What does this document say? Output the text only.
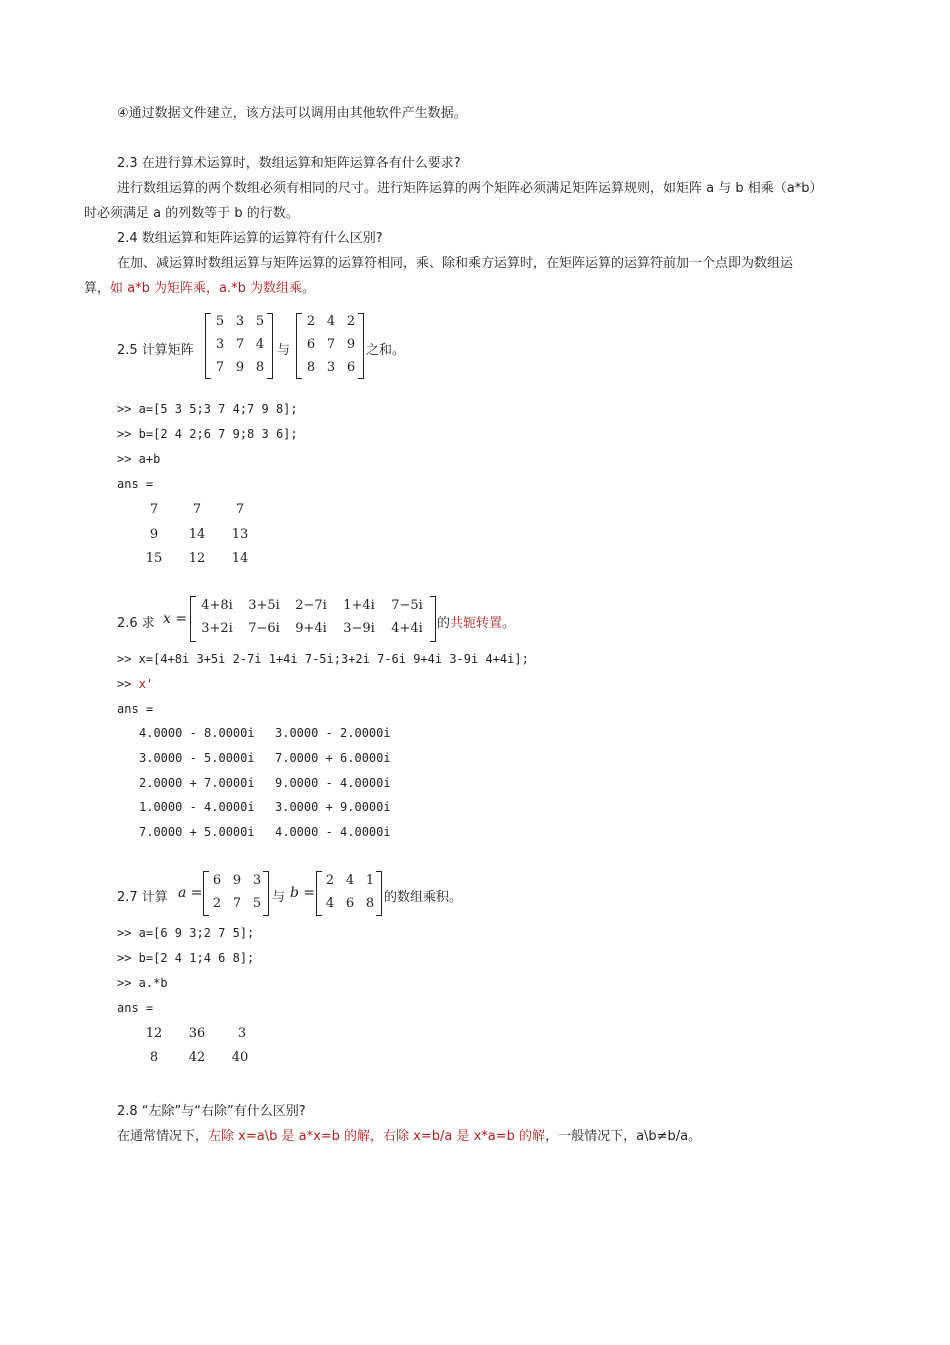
④通过数据文件建立，该方法可以调用由其他软件产生数据。
2.3 在进行算术运算时，数组运算和矩阵运算各有什么要求?
进行数组运算的两个数组必须有相同的尺寸。进行矩阵运算的两个矩阵必须满足矩阵运算规则，如矩阵 a 与 b 相乘（a*b）
时必须满足 a 的列数等于 b 的行数。
2.4 数组运算和矩阵运算的运算符有什么区别?
在加、减运算时数组运算与矩阵运算的运算符相同，乘、除和乘方运算时，在矩阵运算的运算符前加一个点即为数组运
算，如 a*b 为矩阵乘，a.*b 为数组乘。
2.5 计算矩阵
5 3 5
3 7 4
7 9 8
与
2 4 2
6 7 9
8 3 6
之和。
>> a=[5 3 5;3 7 4;7 9 8];
>> b=[2 4 2;6 7 9;8 3 6];
>> a+b
ans =
7	7	7
9	14	13
15	12	14
2.6 求 x =
4+8i	3+5i	2−7i	1+4i	7−5i
3+2i	7−6i	9+4i	3−9i	4+4i	的共轭转置。
>> x=[4+8i 3+5i 2-7i 1+4i 7-5i;3+2i 7-6i 9+4i 3-9i 4+4i];
>> x'
ans =
4.0000 - 8.0000i 3.0000 - 2.0000i
3.0000 - 5.0000i 7.0000 + 6.0000i
2.0000 + 7.0000i 9.0000 - 4.0000i
1.0000 - 4.0000i 3.0000 + 9.0000i
7.0000 + 5.0000i 4.0000 - 4.0000i
2.7 计算 a =
6 9 3
2 7 5 与 b =
2 4 1
4 6 8 的数组乘积。
>> a=[6 9 3;2 7 5];
>> b=[2 4 1;4 6 8];
>> a.*b
ans =
12	36	3
8	42	40
2.8 “左除”与“右除”有什么区别?
在通常情况下，左除 x=a\b 是 a*x=b 的解，右除 x=b/a 是 x*a=b 的解，一般情况下，a\b≠b/a。
